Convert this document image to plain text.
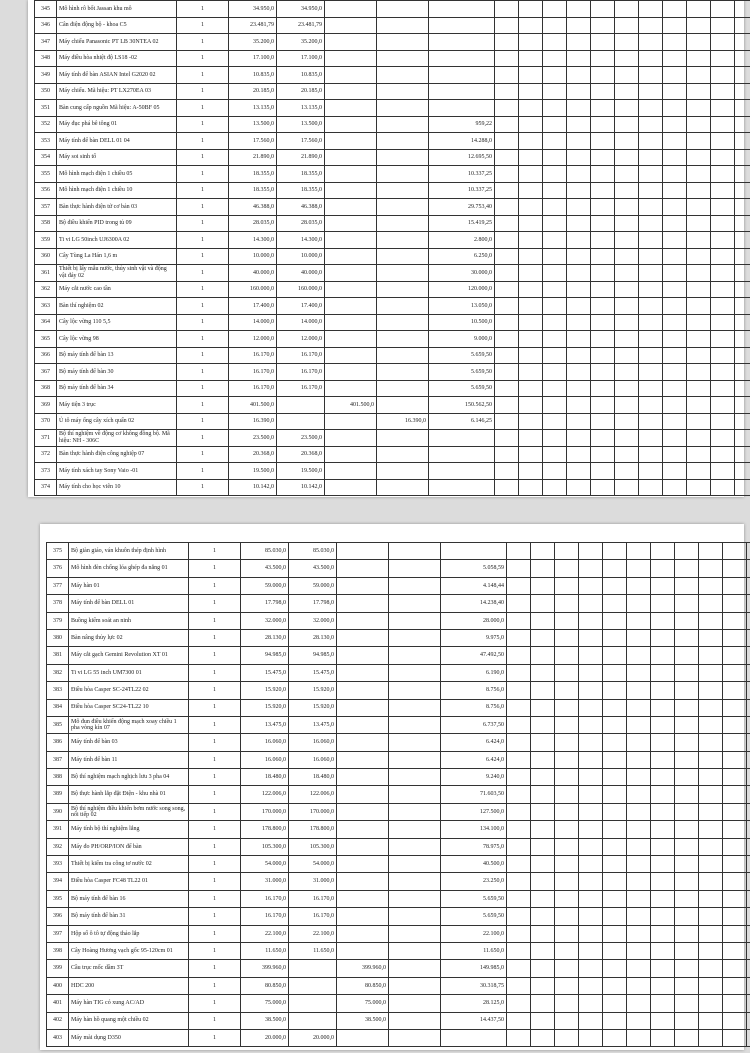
345	Mô hình rô bốt Jassan khu mô	1	34.950,0	34.950,0														
346	Cân điện động bộ - khoa C5	1	23.481,79	23.481,79														
347	Máy chiếu Panasonic PT LB 30NTEA 02	1	35.200,0	35.200,0														
348	Máy điều hòa nhiệt độ LS18 -02	1	17.100,0	17.100,0														
349	Máy tính để bàn ASIAN Intel G2020 02	1	10.835,0	10.835,0														
350	Máy chiếu. Mã hiệu: PT LX270EA 03	1	20.185,0	20.185,0														
351	Bàn cung cấp nguồn Mã hiệu: A-50BF 05	1	13.135,0	13.135,0														
352	Máy đục phá bê tông 01	1	13.500,0	13.500,0			959,22											
353	Máy tính để bàn DELL 01 04	1	17.560,0	17.560,0			14.288,0											
354	Máy soi sinh tố	1	21.890,0	21.890,0			12.695,50											
355	Mô hình mạch điện 1 chiều 05	1	18.355,0	18.355,0			10.337,25											
356	Mô hình mạch điện 1 chiều 10	1	18.355,0	18.355,0			10.337,25											
357	Bàn thực hành điện tử cơ bản 03	1	46.388,0	46.388,0			29.753,40											
358	Bộ điều khiển PID trong tủ 09	1	28.035,0	28.035,0			15.419,25											
359	Ti vi LG 50inch UJ6300A 02	1	14.300,0	14.300,0			2.800,0											
360	Cây Tùng La Hán 1,6 m	1	10.000,0	10.000,0			6.250,0											
361	Thiết bị lấy mẫu nước, thủy sinh vật và động vật đáy 02	1	40.000,0	40.000,0			30.000,0											
362	Máy cắt nước cao tần	1	160.000,0	160.000,0			120.000,0											
363	Bàn thí nghiệm 02	1	17.400,0	17.400,0			13.050,0											
364	Cây lộc vừng 110 5,5	1	14.000,0	14.000,0			10.500,0											
365	Cây lộc vừng 98	1	12.000,0	12.000,0			9.000,0											
366	Bộ máy tính để bàn 13	1	16.170,0	16.170,0			5.659,50											
367	Bộ máy tính để bàn 30	1	16.170,0	16.170,0			5.659,50											
368	Bộ máy tính để bàn 34	1	16.170,0	16.170,0			5.659,50											
369	Máy tiện 3 trục	1	401.500,0		401.500,0		150.562,50											
370	Ủ tô máy ống cây xích quấn 02	1	16.390,0			16.390,0	6.146,25											
371	Bộ thí nghiệm về động cơ không đồng bộ. Mã hiệu: NH - 306C	1	23.500,0	23.500,0														
372	Bàn thực hành điện công nghiệp 07	1	20.368,0	20.368,0														
373	Máy tính xách tay Sony Vaio -01	1	19.500,0	19.500,0														
374	Máy tính cho học viên 10	1	10.142,0	10.142,0														
375	Bộ giàn giáo, ván khuôn thép định hình	1	85.030,0	85.030,0														
376	Mô hình đèn chống lóa ghép đa năng 01	1	43.500,0	43.500,0			5.058,59											
377	Máy hàn 01	1	59.000,0	59.000,0			4.148,44											
378	Máy tính để bàn DELL 01	1	17.798,0	17.798,0			14.238,40											
379	Buồng kiểm soát an ninh	1	32.000,0	32.000,0			28.000,0											
380	Bàn nâng thủy lực 02	1	28.130,0	28.130,0			9.975,0											
381	Máy cắt gạch Gemini Revolution XT 01	1	94.985,0	94.985,0			47.492,50											
382	Ti vi LG 55 inch UM7300 01	1	15.475,0	15.475,0			6.190,0											
383	Điều hòa Casper SC-24TL22 02	1	15.920,0	15.920,0			8.756,0											
384	Điều hòa Casper SC24-TL22 10	1	15.920,0	15.920,0			8.756,0											
385	Mô đun điều khiển động mạch xoay chiều 1 pha vòng kín 07	1	13.475,0	13.475,0			6.737,50											
386	Máy tính để bàn 03	1	16.060,0	16.060,0			6.424,0											
387	Máy tính để bàn 11	1	16.060,0	16.060,0			6.424,0											
388	Bộ thí nghiệm mạch nghịch lưu 3 pha 04	1	18.480,0	18.480,0			9.240,0											
389	Bộ thực hành lắp đặt Điện - khu nhà 01	1	122.006,0	122.006,0			71.603,50											
390	Bộ thí nghiệm điều khiển bơm nước song song, nối tiếp 02	1	170.000,0	170.000,0			127.500,0											
391	Máy tính bộ thí nghiệm lắng	1	178.800,0	178.800,0			134.100,0											
392	Máy đo PH/ORP/ION để bàn	1	105.300,0	105.300,0			78.975,0											
393	Thiết bị kiểm tra công tơ nước 02	1	54.000,0	54.000,0			40.500,0											
394	Điều hòa Casper FC48 TL22 01	1	31.000,0	31.000,0			23.250,0											
395	Bộ máy tính để bàn 16	1	16.170,0	16.170,0			5.659,50											
396	Bộ máy tính để bàn 31	1	16.170,0	16.170,0			5.659,50											
397	Hộp số ô tô tự động thảo lắp	1	22.100,0	22.100,0			22.100,0											
398	Cây Hoàng Hương vạch gốc 95-120cm 01	1	11.650,0	11.650,0			11.650,0											
399	Cầu trục mốc dầm 3T	1	399.960,0		399.960,0		149.985,0											
400	HDC 200	1	80.850,0		80.850,0		30.318,75											
401	Máy hàn TIG có xung AC/AD	1	75.000,0		75.000,0		28.125,0											
402	Máy hàn hồ quang một chiều 02	1	38.500,0		38.500,0		14.437,50											
403	Máy mài dụng D350	1	20.000,0	20.000,0														
